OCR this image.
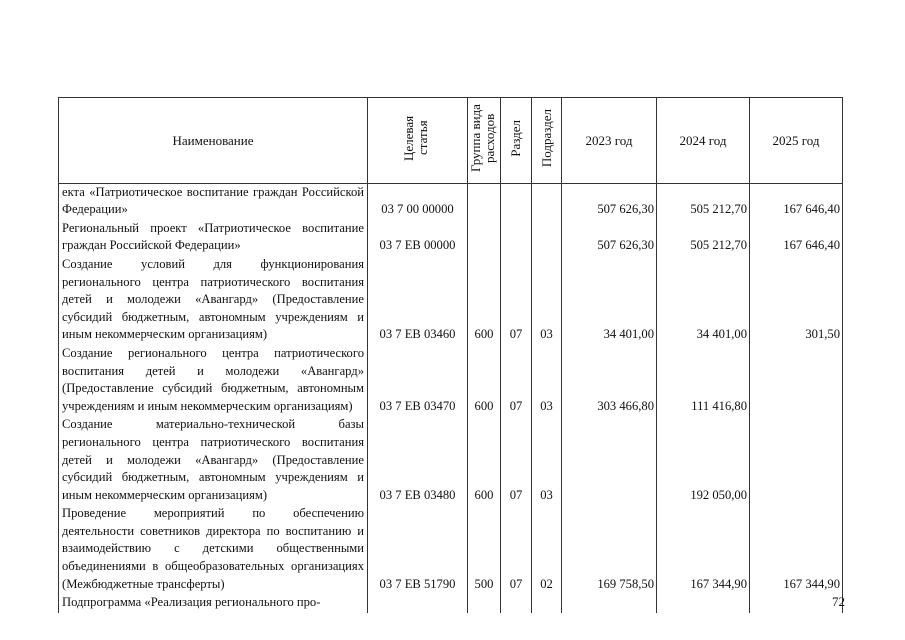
Наименование	Целевая статья	Группа вида расходов	Раздел	Подраздел	2023 год	2024 год	2025 год
екта «Патриотическое воспитание граждан Российской Федерации»	03 7 00 00000				507 626,30	505 212,70	167 646,40
Региональный проект «Патриотическое воспитание граждан Российской Федерации»	03 7 EB 00000				507 626,30	505 212,70	167 646,40
Создание условий для функционирования регионального центра патриотического воспитания детей и молодежи «Авангард» (Предоставление субсидий бюджетным, автономным учреждениям и иным некоммерческим организациям)	03 7 EB 03460	600	07	03	34 401,00	34 401,00	301,50
Создание регионального центра патриотического воспитания детей и молодежи «Авангард» (Предоставление субсидий бюджетным, автономным учреждениям и иным некоммерческим организациям)	03 7 EB 03470	600	07	03	303 466,80	111 416,80	
Создание материально-технической базы регионального центра патриотического воспитания детей и молодежи «Авангард» (Предоставление субсидий бюджетным, автономным учреждениям и иным некоммерческим организациям)	03 7 EB 03480	600	07	03		192 050,00	
Проведение мероприятий по обеспечению деятельности советников директора по воспитанию и взаимодействию с детскими общественными объединениями в общеобразовательных организациях (Межбюджетные трансферты)	03 7 EB 51790	500	07	02	169 758,50	167 344,90	167 344,90
Подпрограмма «Реализация регионального про-								72
